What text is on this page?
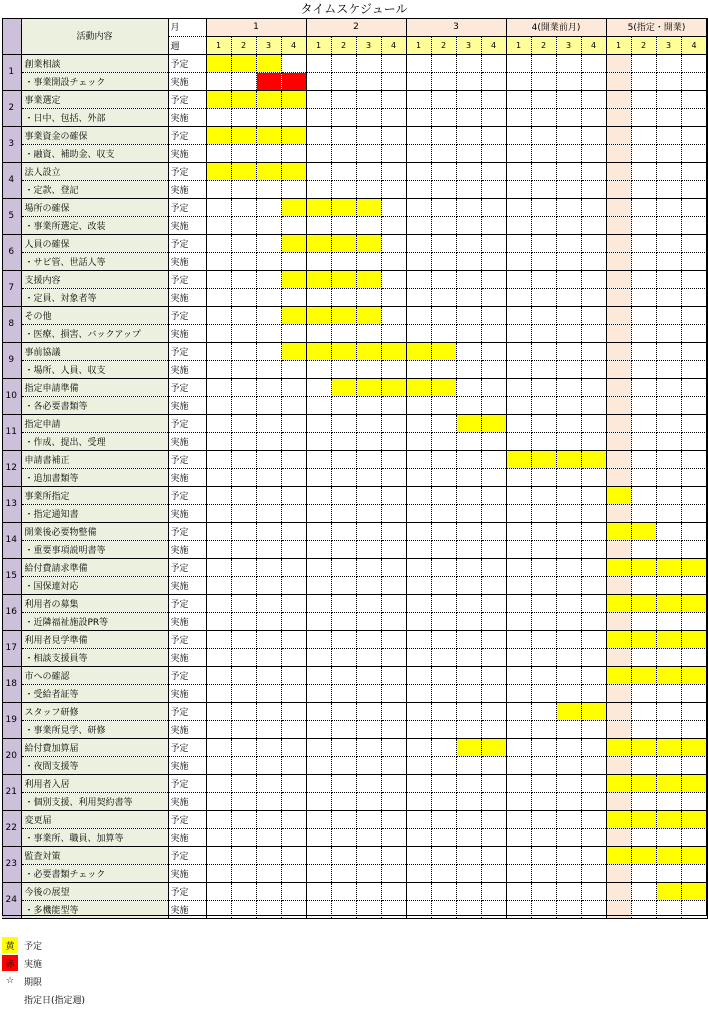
タイムスケジュール
	活動内容	月	1				2				3				4(開業前月)				5(指定・開業)			
		週	1	2	3	4	1	2	3	4	1	2	3	4	1	2	3	4	1	2	3	4
1	創業相談	予定																				
	・事業開設チェック	実施																				
2	事業選定	予定																				
	・日中、包括、外部	実施																				
3	事業資金の確保	予定																				
	・融資、補助金、収支	実施																				
4	法人設立	予定																				
	・定款、登記	実施																				
5	場所の確保	予定																				
	・事業所選定、改装	実施																				
6	人員の確保	予定																				
	・サビ管、世話人等	実施																				
7	支援内容	予定																				
	・定員、対象者等	実施																				
8	その他	予定																				
	・医療、損害、バックアップ	実施																				
9	事前協議	予定																				
	・場所、人員、収支	実施																				
10	指定申請準備	予定																				
	・各必要書類等	実施																				
11	指定申請	予定																				
	・作成、提出、受理	実施																				
12	申請書補正	予定																				
	・追加書類等	実施																				
13	事業所指定	予定																				
	・指定通知書	実施																				
14	開業後必要物整備	予定																				
	・重要事項説明書等	実施																				
15	給付費請求準備	予定																				
	・国保連対応	実施																				
16	利用者の募集	予定																				
	・近隣福祉施設PR等	実施																				
17	利用者見学準備	予定																				
	・相談支援員等	実施																				
18	市への確認	予定																				
	・受給者証等	実施																				
19	スタッフ研修	予定																				
	・事業所見学、研修	実施																				
20	給付費加算届	予定																				
	・夜間支援等	実施																				
21	利用者入居	予定																				
	・個別支援、利用契約書等	実施																				
22	変更届	予定																				
	・事業所、職員、加算等	実施																				
23	監査対策	予定																				
	・必要書類チェック	実施																				
24	今後の展望	予定																				
	・多機能型等	実施																				
黄	予定
赤	実施
☆	期限
指定日(指定週)
